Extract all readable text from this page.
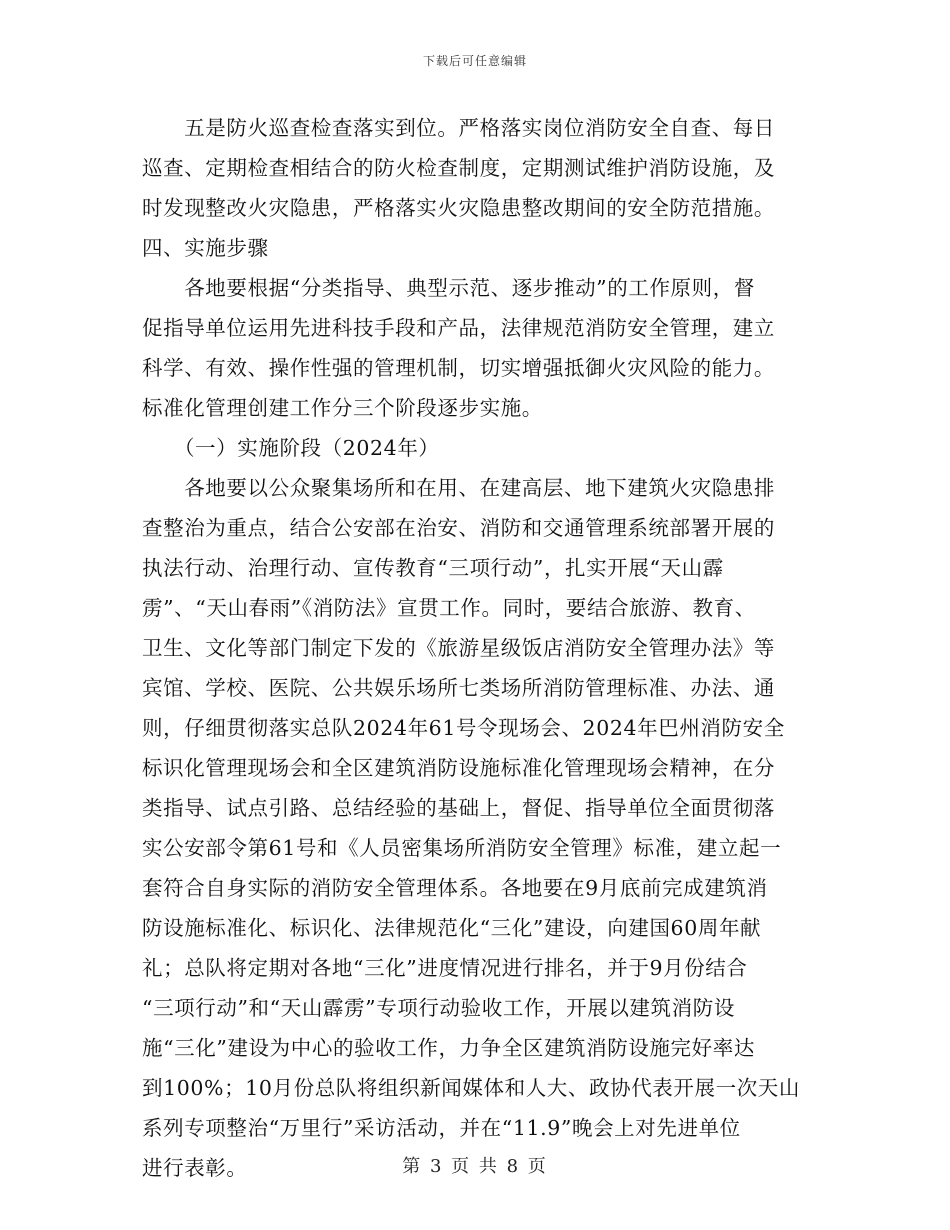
下载后可任意编辑
　　五是防火巡查检查落实到位。严格落实岗位消防安全自查、每日
巡查、定期检查相结合的防火检查制度，定期测试维护消防设施，及
时发现整改火灾隐患，严格落实火灾隐患整改期间的安全防范措施。
四、实施步骤
　　各地要根据“分类指导、典型示范、逐步推动”的工作原则，督
促指导单位运用先进科技手段和产品，法律规范消防安全管理，建立
科学、有效、操作性强的管理机制，切实增强抵御火灾风险的能力。
标准化管理创建工作分三个阶段逐步实施。
　　（一）实施阶段（2024年）
　　各地要以公众聚集场所和在用、在建高层、地下建筑火灾隐患排
查整治为重点，结合公安部在治安、消防和交通管理系统部署开展的
执法行动、治理行动、宣传教育“三项行动”，扎实开展“天山霹
雳”、“天山春雨”《消防法》宣贯工作。同时，要结合旅游、教育、
卫生、文化等部门制定下发的《旅游星级饭店消防安全管理办法》等
宾馆、学校、医院、公共娱乐场所七类场所消防管理标准、办法、通
则，仔细贯彻落实总队2024年61号令现场会、2024年巴州消防安全
标识化管理现场会和全区建筑消防设施标准化管理现场会精神，在分
类指导、试点引路、总结经验的基础上，督促、指导单位全面贯彻落
实公安部令第61号和《人员密集场所消防安全管理》标准，建立起一
套符合自身实际的消防安全管理体系。各地要在9月底前完成建筑消
防设施标准化、标识化、法律规范化“三化”建设，向建国60周年献
礼；总队将定期对各地“三化”进度情况进行排名，并于9月份结合
“三项行动”和“天山霹雳”专项行动验收工作，开展以建筑消防设
施“三化”建设为中心的验收工作，力争全区建筑消防设施完好率达
到100%；10月份总队将组织新闻媒体和人大、政协代表开展一次天山
系列专项整治“万里行”采访活动，并在“11.9”晚会上对先进单位
进行表彰。	第 3 页 共 8 页
